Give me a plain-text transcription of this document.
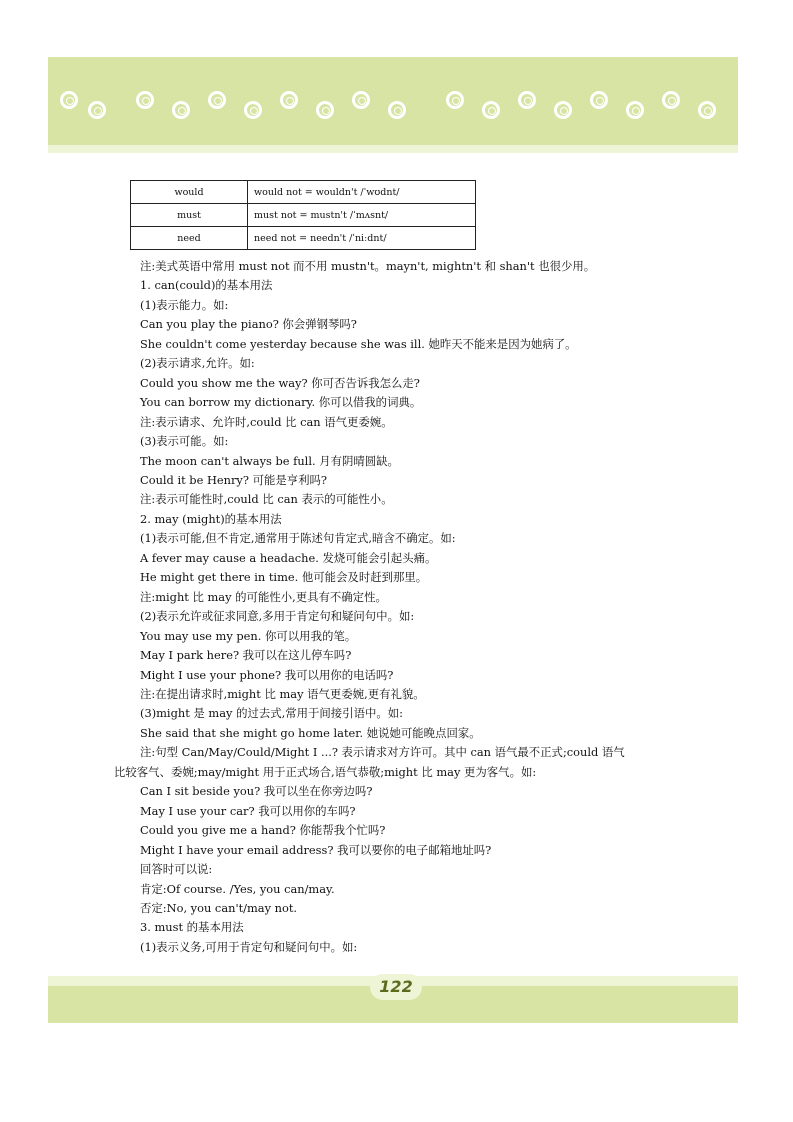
would	would not = wouldn't /ˈwʊdnt/
must	must not = mustn't /ˈmʌsnt/
need	need not = needn't /ˈniːdnt/
注:美式英语中常用 must not 而不用 mustn't。mayn't, mightn't 和 shan't 也很少用。
1. can(could)的基本用法
(1)表示能力。如:
Can you play the piano? 你会弹钢琴吗?
She couldn't come yesterday because she was ill. 她昨天不能来是因为她病了。
(2)表示请求,允许。如:
Could you show me the way? 你可否告诉我怎么走?
You can borrow my dictionary. 你可以借我的词典。
注:表示请求、允许时,could 比 can 语气更委婉。
(3)表示可能。如:
The moon can't always be full. 月有阴晴圆缺。
Could it be Henry? 可能是亨利吗?
注:表示可能性时,could 比 can 表示的可能性小。
2. may (might)的基本用法
(1)表示可能,但不肯定,通常用于陈述句肯定式,暗含不确定。如:
A fever may cause a headache. 发烧可能会引起头痛。
He might get there in time. 他可能会及时赶到那里。
注:might 比 may 的可能性小,更具有不确定性。
(2)表示允许或征求同意,多用于肯定句和疑问句中。如:
You may use my pen. 你可以用我的笔。
May I park here? 我可以在这儿停车吗?
Might I use your phone? 我可以用你的电话吗?
注:在提出请求时,might 比 may 语气更委婉,更有礼貌。
(3)might 是 may 的过去式,常用于间接引语中。如:
She said that she might go home later. 她说她可能晚点回家。
注:句型 Can/May/Could/Might I ...? 表示请求对方许可。其中 can 语气最不正式;could 语气
比较客气、委婉;may/might 用于正式场合,语气恭敬;might 比 may 更为客气。如:
Can I sit beside you? 我可以坐在你旁边吗?
May I use your car? 我可以用你的车吗?
Could you give me a hand? 你能帮我个忙吗?
Might I have your email address? 我可以要你的电子邮箱地址吗?
回答时可以说:
肯定:Of course. /Yes, you can/may.
否定:No, you can't/may not.
3. must 的基本用法
(1)表示义务,可用于肯定句和疑问句中。如:
122
